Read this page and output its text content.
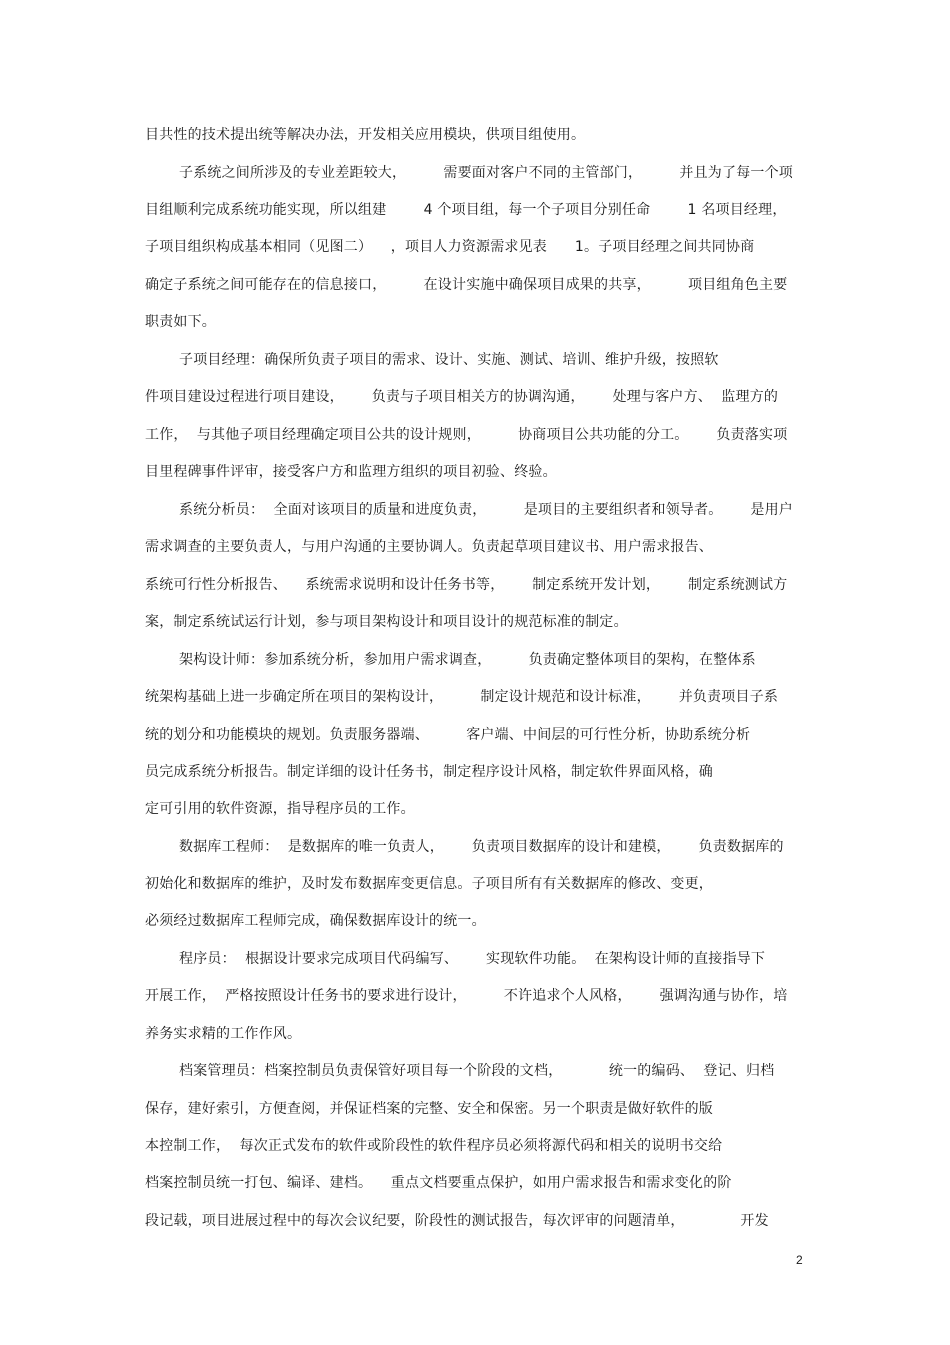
目共性的技术提出统等解决办法，开发相关应用模块，供项目组使用。
子系统之间所涉及的专业差距较大，        需要面对客户不同的主管部门，        并且为了每一个项
目组顺利完成系统功能实现，所以组建        4 个项目组，每一个子项目分别任命        1 名项目经理，
子项目组织构成基本相同（见图二）    ，项目人力资源需求见表      1。子项目经理之间共同协商
确定子系统之间可能存在的信息接口，        在设计实施中确保项目成果的共享，        项目组角色主要
职责如下。
子项目经理：确保所负责子项目的需求、设计、实施、测试、培训、维护升级，按照软
件项目建设过程进行项目建设，      负责与子项目相关方的协调沟通，      处理与客户方、  监理方的
工作，  与其他子项目经理确定项目公共的设计规则，        协商项目公共功能的分工。      负责落实项
目里程碑事件评审，接受客户方和监理方组织的项目初验、终验。
系统分析员：  全面对该项目的质量和进度负责，        是项目的主要组织者和领导者。      是用户
需求调查的主要负责人，与用户沟通的主要协调人。负责起草项目建议书、用户需求报告、
系统可行性分析报告、    系统需求说明和设计任务书等，      制定系统开发计划，      制定系统测试方
案，制定系统试运行计划，参与项目架构设计和项目设计的规范标准的制定。
架构设计师：参加系统分析，参加用户需求调查，        负责确定整体项目的架构，在整体系
统架构基础上进一步确定所在项目的架构设计，        制定设计规范和设计标准，      并负责项目子系
统的划分和功能模块的规划。负责服务器端、        客户端、中间层的可行性分析，协助系统分析
员完成系统分析报告。制定详细的设计任务书，制定程序设计风格，制定软件界面风格，确
定可引用的软件资源，指导程序员的工作。
数据库工程师：  是数据库的唯一负责人，      负责项目数据库的设计和建模，      负责数据库的
初始化和数据库的维护，及时发布数据库变更信息。子项目所有有关数据库的修改、变更，
必须经过数据库工程师完成，确保数据库设计的统一。
程序员：  根据设计要求完成项目代码编写、      实现软件功能。  在架构设计师的直接指导下
开展工作，  严格按照设计任务书的要求进行设计，        不许追求个人风格，      强调沟通与协作，培
养务实求精的工作作风。
档案管理员：档案控制员负责保管好项目每一个阶段的文档，          统一的编码、  登记、归档
保存，建好索引，方便查阅，并保证档案的完整、安全和保密。另一个职责是做好软件的版
本控制工作，  每次正式发布的软件或阶段性的软件程序员必须将源代码和相关的说明书交给
档案控制员统一打包、编译、建档。    重点文档要重点保护，如用户需求报告和需求变化的阶
段记载，项目进展过程中的每次会议纪要，阶段性的测试报告，每次评审的问题清单，            开发
2
